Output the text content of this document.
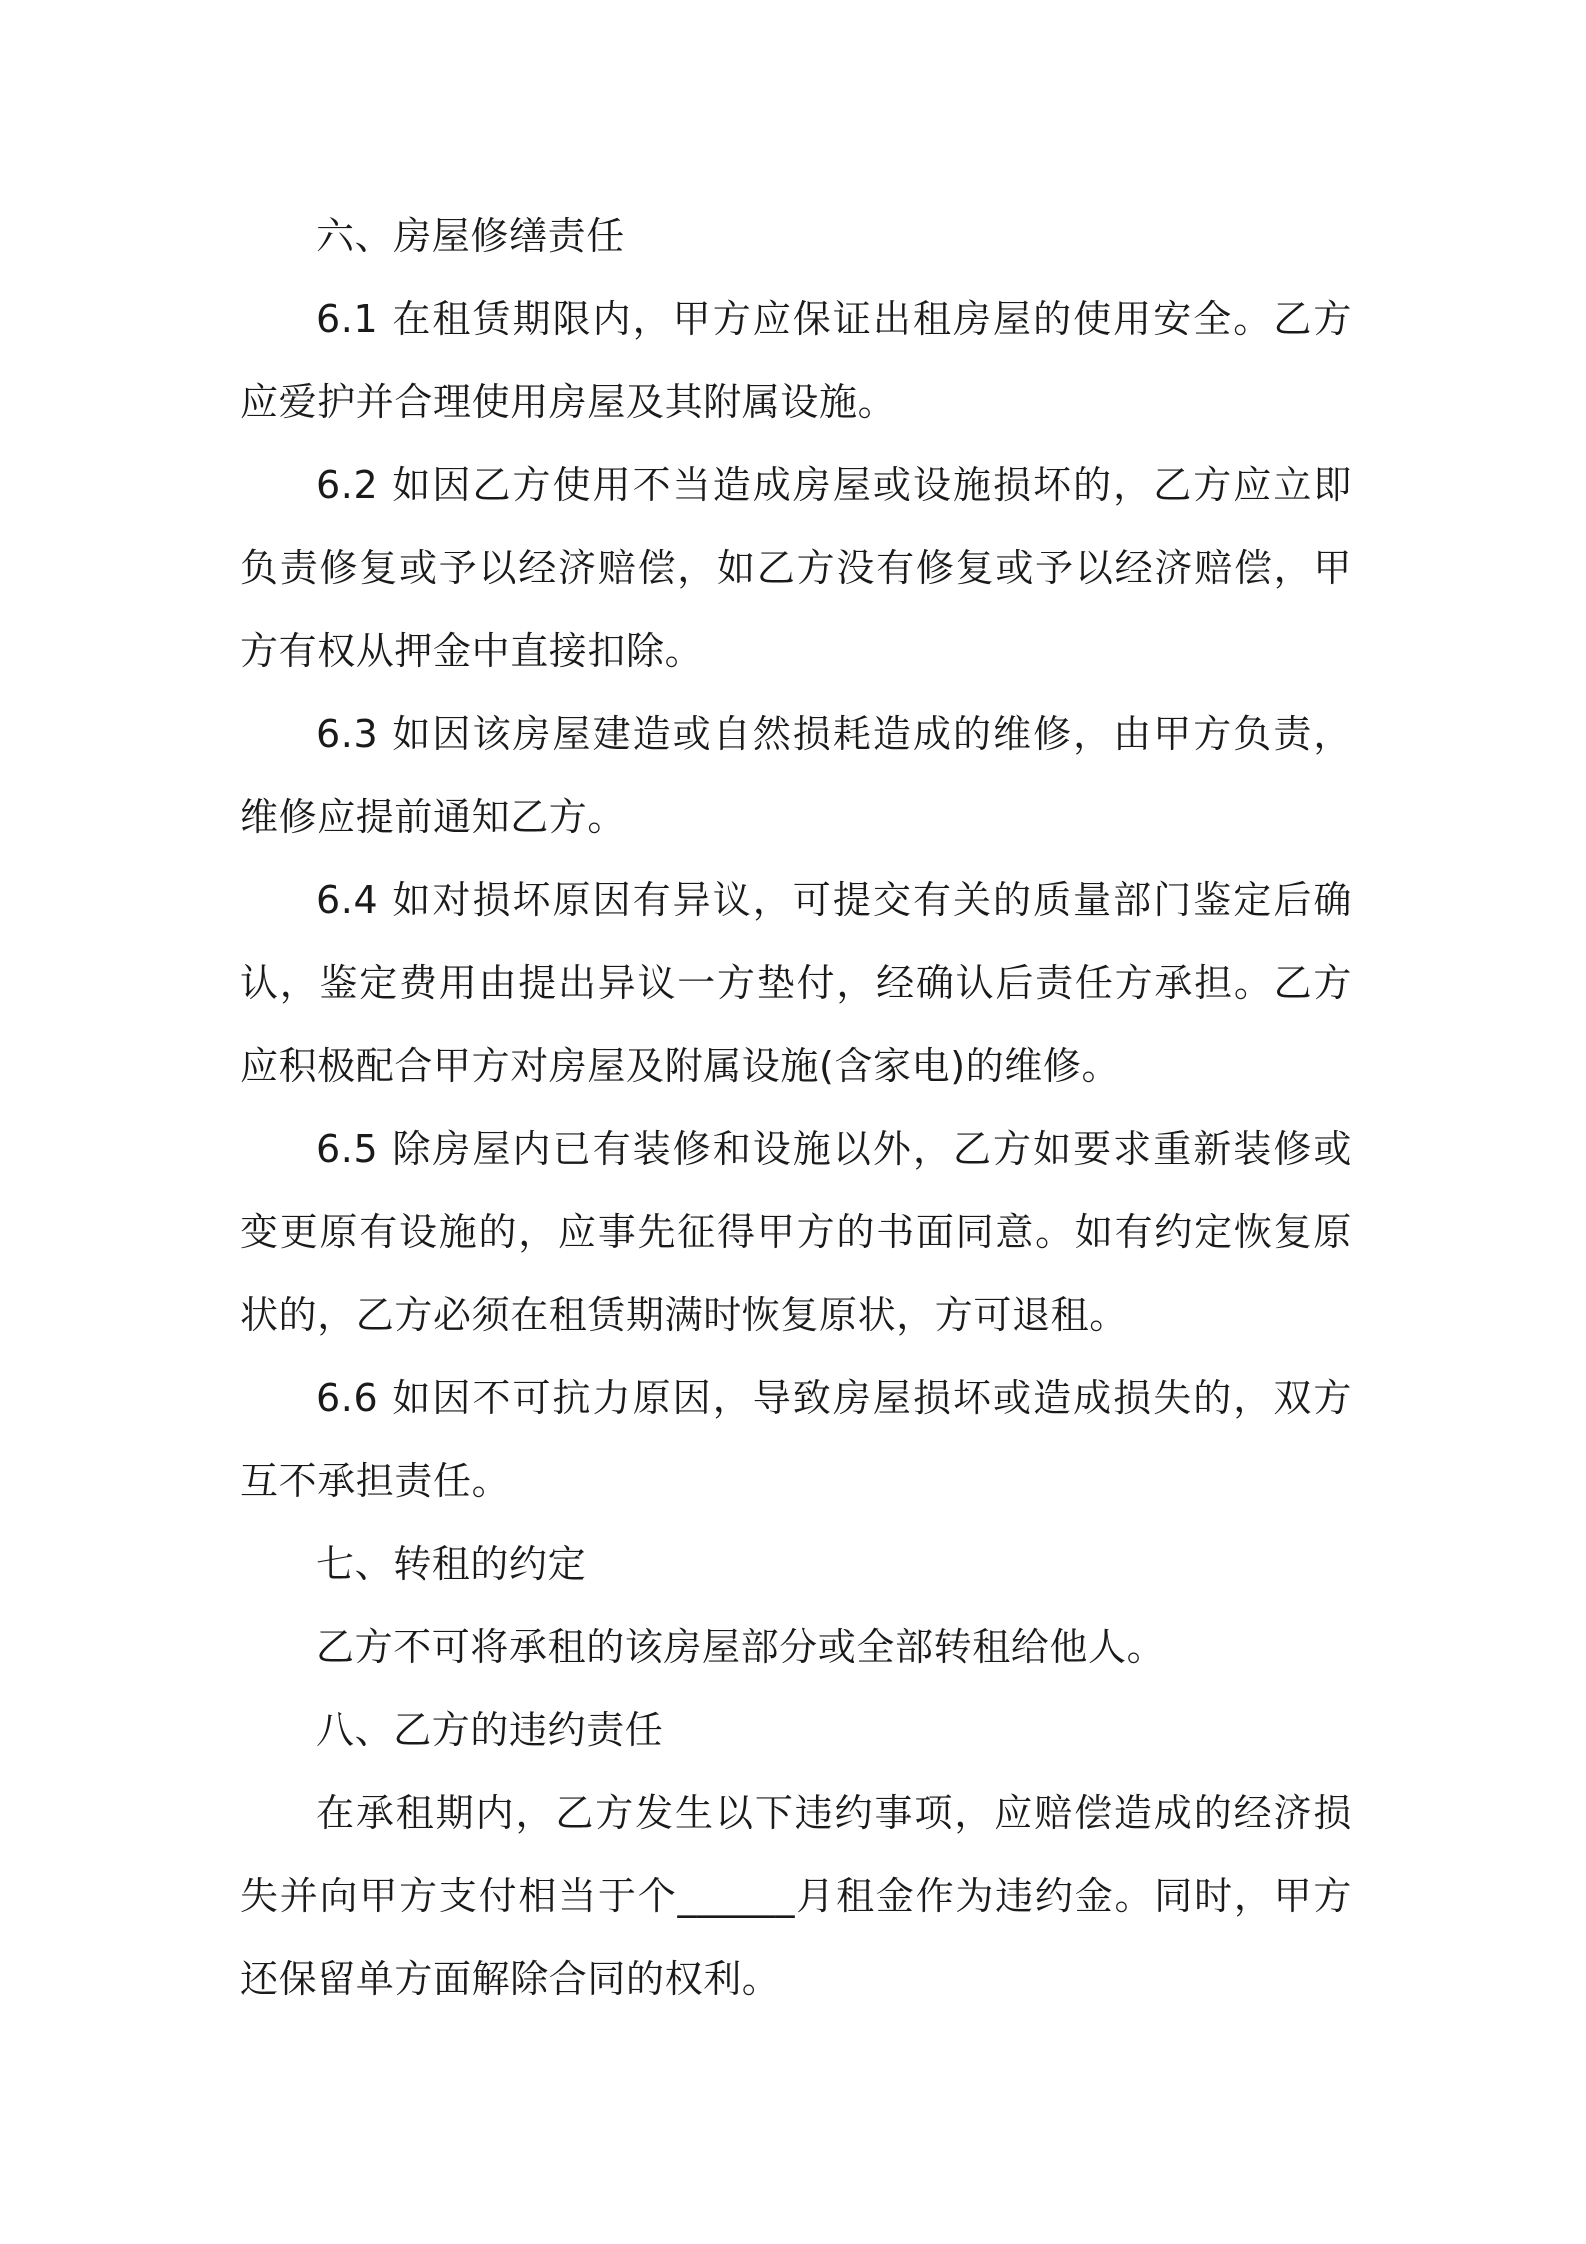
六、房屋修缮责任

6.1 在租赁期限内，甲方应保证出租房屋的使用安全。乙方应爱护并合理使用房屋及其附属设施。

6.2 如因乙方使用不当造成房屋或设施损坏的，乙方应立即负责修复或予以经济赔偿，如乙方没有修复或予以经济赔偿，甲方有权从押金中直接扣除。

6.3 如因该房屋建造或自然损耗造成的维修，由甲方负责，维修应提前通知乙方。

6.4 如对损坏原因有异议，可提交有关的质量部门鉴定后确认，鉴定费用由提出异议一方垫付，经确认后责任方承担。乙方应积极配合甲方对房屋及附属设施(含家电)的维修。

6.5 除房屋内已有装修和设施以外，乙方如要求重新装修或变更原有设施的，应事先征得甲方的书面同意。如有约定恢复原状的，乙方必须在租赁期满时恢复原状，方可退租。

6.6 如因不可抗力原因，导致房屋损坏或造成损失的，双方互不承担责任。

七、转租的约定

乙方不可将承租的该房屋部分或全部转租给他人。

八、乙方的违约责任

在承租期内，乙方发生以下违约事项，应赔偿造成的经济损失并向甲方支付相当于个______月租金作为违约金。同时，甲方还保留单方面解除合同的权利。
